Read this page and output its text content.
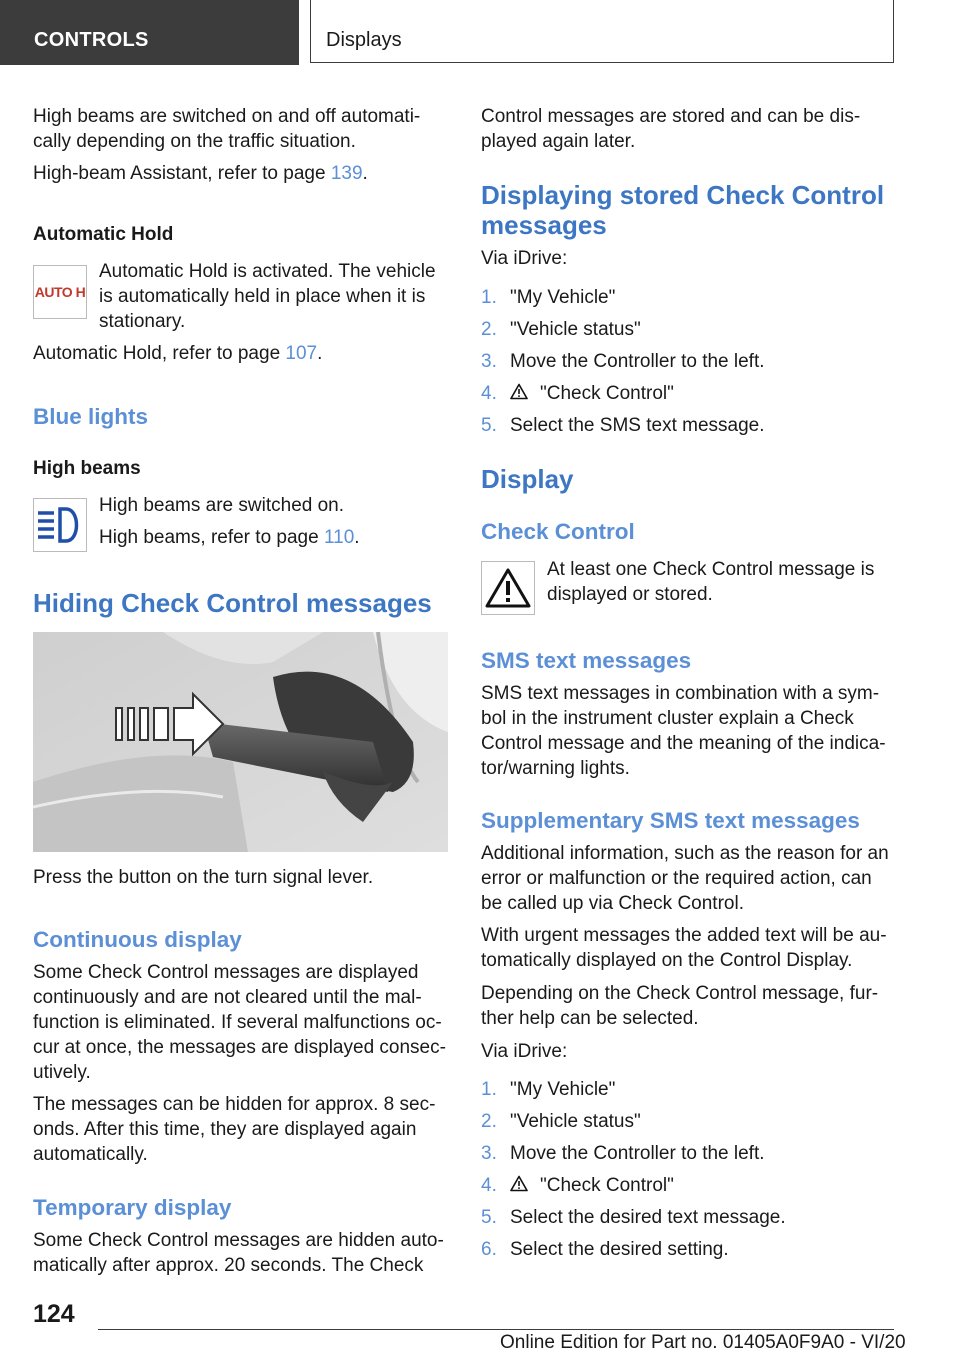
CONTROLS	Displays

High beams are switched on and off automati-

cally depending on the traffic situation.

High-beam Assistant, refer to page 139.

Automatic Hold

AUTO H

Automatic Hold is activated. The vehicle

is automatically held in place when it is

stationary.

Automatic Hold, refer to page 107.

Blue lights

High beams

High beams are switched on.

High beams, refer to page 110.

Hiding Check Control messages

Press the button on the turn signal lever.

Continuous display

Some Check Control messages are displayed

continuously and are not cleared until the mal-

function is eliminated. If several malfunctions oc-

cur at once, the messages are displayed consec-

utively.

The messages can be hidden for approx. 8 sec-

onds. After this time, they are displayed again

automatically.

Temporary display

Some Check Control messages are hidden auto-

matically after approx. 20 seconds. The Check

Control messages are stored and can be dis-

played again later.

Displaying stored Check Control

messages

Via iDrive:

1. "My Vehicle"
2. "Vehicle status"
3. Move the Controller to the left.
4.	"Check Control"
5. Select the SMS text message.

Display

Check Control

At least one Check Control message is

displayed or stored.

SMS text messages

SMS text messages in combination with a sym-

bol in the instrument cluster explain a Check

Control message and the meaning of the indica-

tor/warning lights.

Supplementary SMS text messages

Additional information, such as the reason for an

error or malfunction or the required action, can

be called up via Check Control.

With urgent messages the added text will be au-

tomatically displayed on the Control Display.

Depending on the Check Control message, fur-

ther help can be selected.

Via iDrive:

1. "My Vehicle"
2. "Vehicle status"
3. Move the Controller to the left.
4.	"Check Control"
5. Select the desired text message.
6. Select the desired setting.
124
Online Edition for Part no. 01405A0F9A0 - VI/20
